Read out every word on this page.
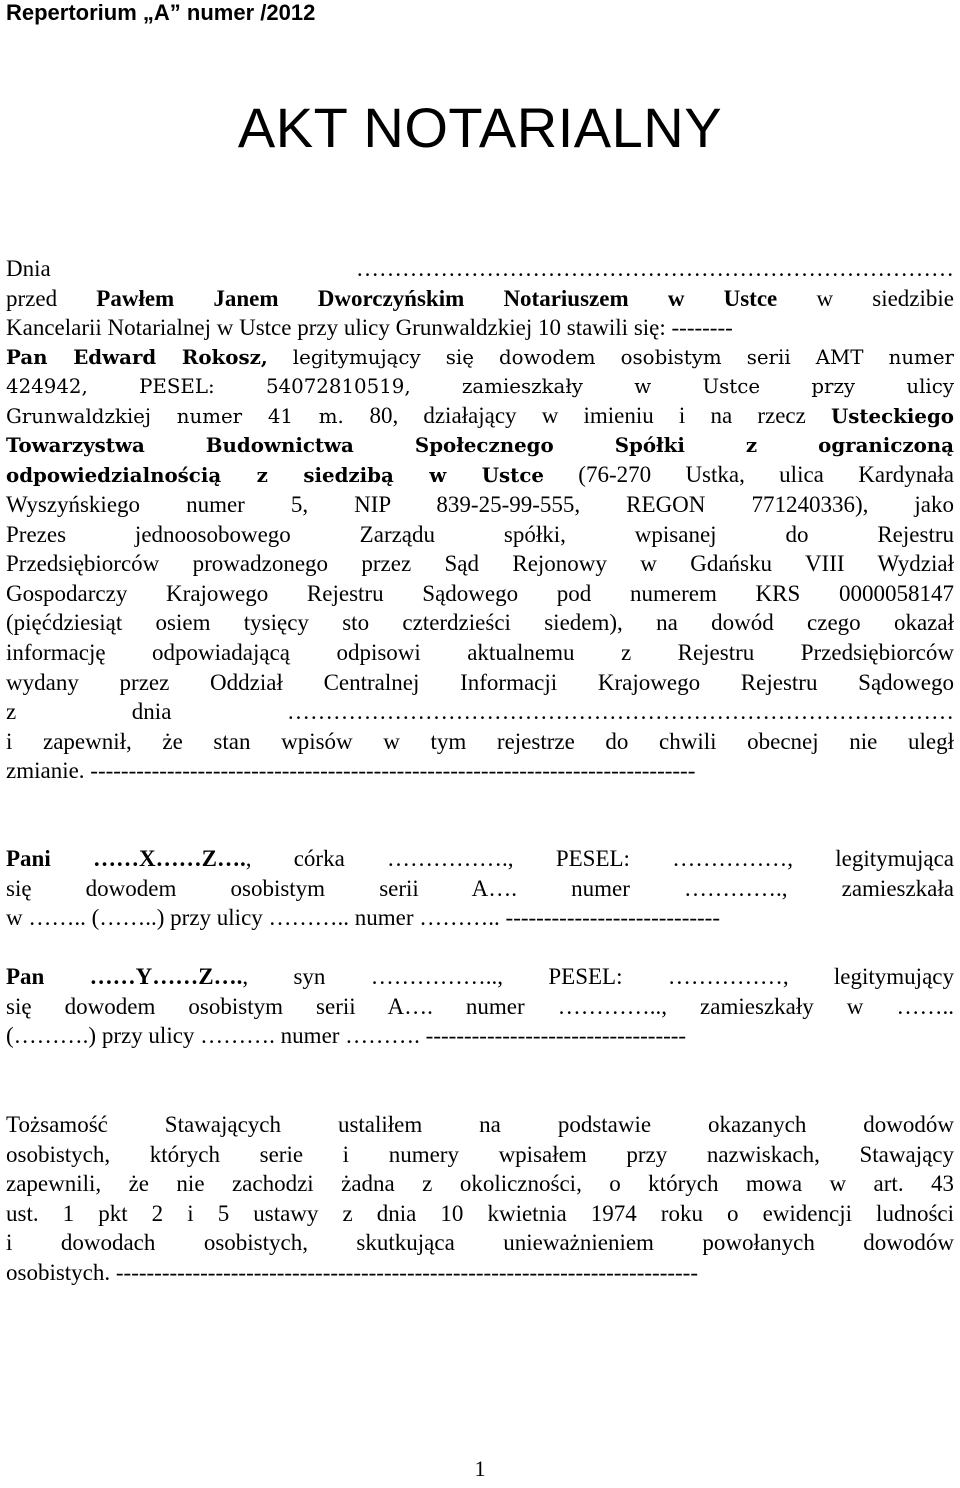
Repertorium „A” numer /2012
AKT NOTARIALNY
Dnia ……………………………………………………………………
przed Pawłem Janem Dworczyńskim Notariuszem w Ustce w siedzibie
Kancelarii Notarialnej w Ustce przy ulicy Grunwaldzkiej 10 stawili się: --------
Pan Edward Rokosz, legitymujący się dowodem osobistym serii AMT numer
424942, PESEL: 54072810519, zamieszkały w Ustce przy ulicy
Grunwaldzkiej numer 41 m. 80, działający w imieniu i na rzecz Usteckiego
Towarzystwa Budownictwa Społecznego Spółki z ograniczoną
odpowiedzialnością z siedzibą w Ustce (76-270 Ustka, ulica Kardynała
Wyszyńskiego numer 5, NIP 839-25-99-555, REGON 771240336), jako
Prezes jednoosobowego Zarządu spółki, wpisanej do Rejestru
Przedsiębiorców prowadzonego przez Sąd Rejonowy w Gdańsku VIII Wydział
Gospodarczy Krajowego Rejestru Sądowego pod numerem KRS 0000058147
(pięćdziesiąt osiem tysięcy sto czterdzieści siedem), na dowód czego okazał
informację odpowiadającą odpisowi aktualnemu z Rejestru Przedsiębiorców
wydany przez Oddział Centralnej Informacji Krajowego Rejestru Sądowego
z dnia ……………………………………………………………………………
i zapewnił, że stan wpisów w tym rejestrze do chwili obecnej nie uległ
zmianie. -------------------------------------------------------------------------------
Pani ……X……Z…., córka ……………., PESEL: ……………, legitymująca
się dowodem osobistym serii A…. numer …………., zamieszkała
w …….. (……..) przy ulicy ……….. numer ……….. ----------------------------
Pan ……Y……Z…., syn …………….., PESEL: ……………, legitymujący
się dowodem osobistym serii A…. numer ………….., zamieszkały w ……..
(……….) przy ulicy ………. numer ………. ----------------------------------
Tożsamość Stawających ustaliłem na podstawie okazanych dowodów
osobistych, których serie i numery wpisałem przy nazwiskach, Stawający
zapewnili, że nie zachodzi żadna z okoliczności, o których mowa w art. 43
ust. 1 pkt 2 i 5 ustawy z dnia 10 kwietnia 1974 roku o ewidencji ludności
i dowodach osobistych, skutkująca unieważnieniem powołanych dowodów
osobistych. ----------------------------------------------------------------------------
1
